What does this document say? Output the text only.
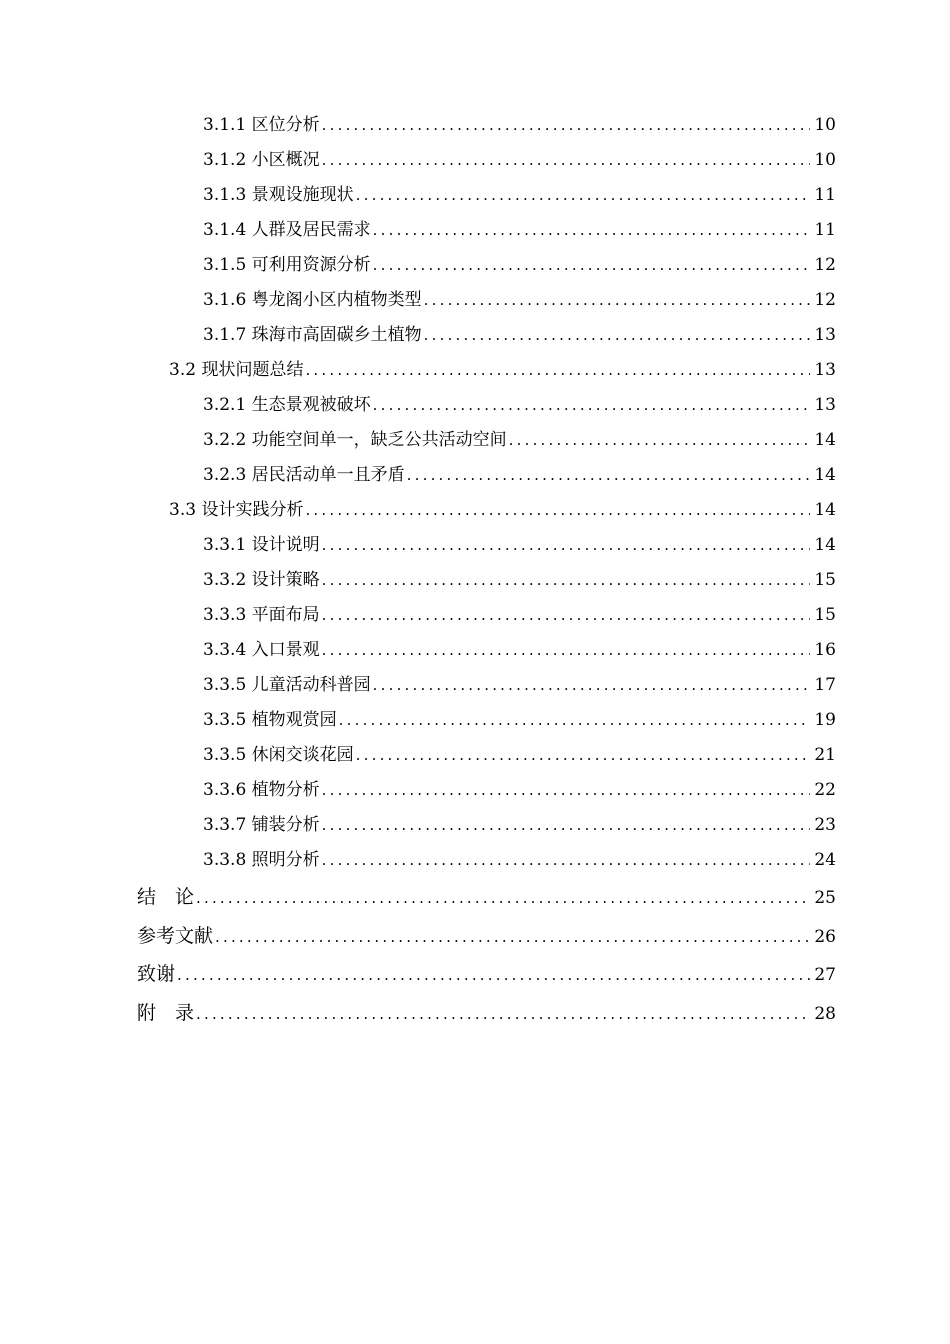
3.1.1 区位分析 .....	10
3.1.2 小区概况 .....	10
3.1.3 景观设施现状 .....	11
3.1.4 人群及居民需求 .....	11
3.1.5 可利用资源分析 .....	12
3.1.6 粤龙阁小区内植物类型 .....	12
3.1.7 珠海市高固碳乡土植物 .....	13
3.2 现状问题总结 .....	13
3.2.1 生态景观被破坏 .....	13
3.2.2 功能空间单一，缺乏公共活动空间 .....	14
3.2.3 居民活动单一且矛盾 .....	14
3.3 设计实践分析 .....	14
3.3.1 设计说明 .....	14
3.3.2 设计策略 .....	15
3.3.3 平面布局 .....	15
3.3.4 入口景观 .....	16
3.3.5 儿童活动科普园 .....	17
3.3.5 植物观赏园 .....	19
3.3.5 休闲交谈花园 .....	21
3.3.6 植物分析 .....	22
3.3.7 铺装分析 .....	23
3.3.8 照明分析 .....	24
结　论 .....	25
参考文献 .....	26
致谢 .....	27
附　录 .....	28
